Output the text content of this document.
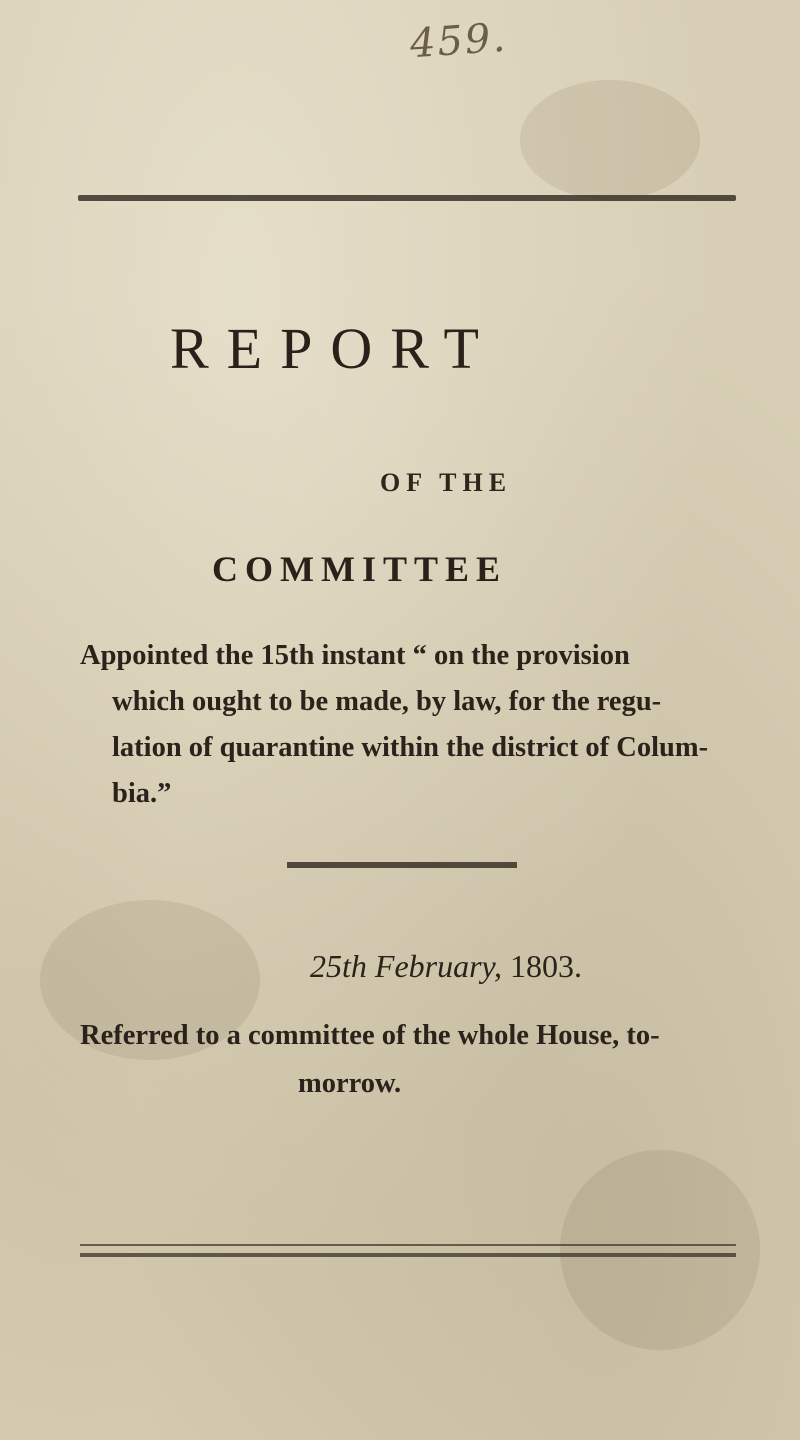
459.
REPORT
OF THE
COMMITTEE
Appointed the 15th instant “ on the provision
which ought to be made, by law, for the regu-
lation of quarantine within the district of Colum-
bia.”
25th February, 1803.
Referred to a committee of the whole House, to-
morrow.
